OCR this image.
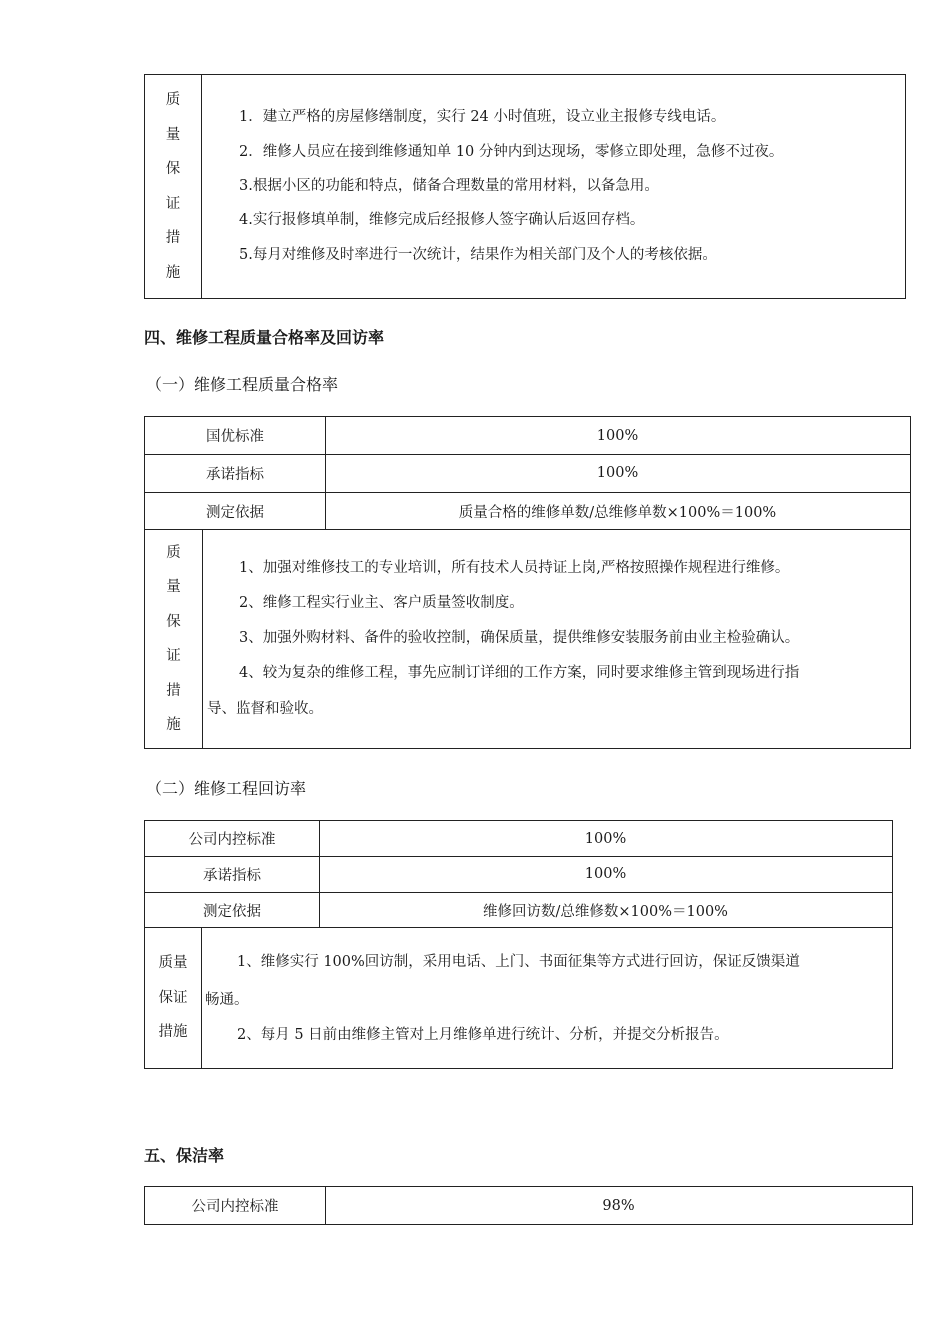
质
量
保
证
措
施
1．建立严格的房屋修缮制度，实行 24 小时值班，设立业主报修专线电话。
2．维修人员应在接到维修通知单 10 分钟内到达现场，零修立即处理，急修不过夜。
3.根据小区的功能和特点，储备合理数量的常用材料，以备急用。
4.实行报修填单制，维修完成后经报修人签字确认后返回存档。
5.每月对维修及时率进行一次统计，结果作为相关部门及个人的考核依据。
四、维修工程质量合格率及回访率
（一）维修工程质量合格率
国优标准	100%
承诺指标	100%
测定依据	质量合格的维修单数/总维修单数×100%＝100%
质
量
保
证
措
施
1、加强对维修技工的专业培训，所有技术人员持证上岗,严格按照操作规程进行维修。
2、维修工程实行业主、客户质量签收制度。
3、加强外购材料、备件的验收控制，确保质量，提供维修安装服务前由业主检验确认。
4、较为复杂的维修工程，事先应制订详细的工作方案，同时要求维修主管到现场进行指
导、监督和验收。
（二）维修工程回访率
公司内控标准	100%
承诺指标	100%
测定依据	维修回访数/总维修数×100%＝100%
质量
保证
措施
1、维修实行 100%回访制，采用电话、上门、书面征集等方式进行回访，保证反馈渠道
畅通。
2、每月 5 日前由维修主管对上月维修单进行统计、分析，并提交分析报告。
五、保洁率
公司内控标准	98%
